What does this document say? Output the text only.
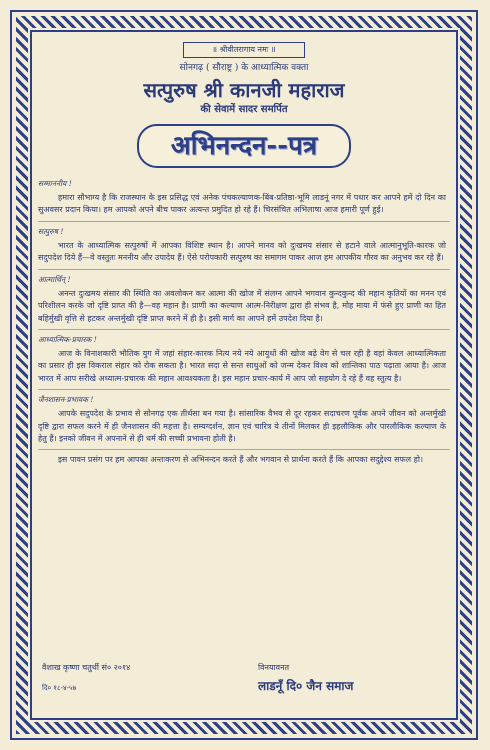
॥ श्रीवीतरागाय नमः ॥
सोनगढ़ ( सौराष्ट्र ) के आध्यात्मिक वक्ता
सत्पुरुष श्री कानजी महाराज
की सेवामें सादर समर्पित
अभिनन्दन--पत्र
सम्माननीय !
हमारा सौभाग्य है कि राजस्थान के इस प्रसिद्ध एवं अनेक पंचकल्याणक-बिंब-प्रतिष्ठा-भूमि लाडनूं नगर में पधार कर आपने हमें दो दिन का सुअवसर प्रदान किया। हम आपको अपने बीच पाकर अत्यन्त प्रमुदित हो रहे हैं। चिरसंचित अभिलाषा आज हमारी पूर्ण हुई।
सत्पुरुष !
भारत के आध्यात्मिक सत्पुरुषों में आपका विशिष्ट स्थान है। आपने मानव को दुःखमय संसार से हटाने वाले आत्मानुभूति-कारक जो सदुपदेश दिये हैं—वे वस्तुतः मननीय और उपादेय हैं। ऐसे परोपकारी सत्पुरुष का समागम पाकर आज हम आपकीय गौरव का अनुभव कर रहे हैं।
आत्मार्थिन् !
अनन्त दुःखमय संसार की स्थिति का अवलोकन कर आत्मा की खोज में संलग्न आपने भगवान कुन्दकुन्द की महान कृतियों का मनन एवं परिशीलन करके जो दृष्टि प्राप्त की है—वह महान है। प्राणी का कल्याण आत्म-निरीक्षण द्वारा ही संभव है, मोह माया में फंसे हुए प्राणी का हित बहिर्मुखी वृत्ति से हटकर अन्तर्मुखी दृष्टि प्राप्त करने में ही है। इसी मार्ग का आपने हमें उपदेश दिया है।
आध्यात्मिक-प्रचारक !
आज के विनाशकारी भौतिक युग में जहां संहार-कारक नित्य नये नये आयुधों की खोज बढ़े वेग से चल रही है वहां केवल आध्यात्मिकता का प्रसार ही इस विकराल संहार को रोक सकता है। भारत सदा से सन्त साधुओं को जन्म देकर विश्व को शान्तिका पाठ पढ़ाता आया है। आज भारत में आप सरीखे अध्यात्म-प्रचारक की महान आवश्यकता है। इस महान प्रचार-कार्य में आप जो सहयोग दे रहे हैं वह स्तुत्य है।
जैनशासन-प्रभावक !
आपके सदुपदेश के प्रभाव से सोनगढ़ एक तीर्थसा बन गया है। सांसारिक वैभव से दूर रहकर सदाचरण पूर्वक अपने जीवन को अन्तर्मुखी दृष्टि द्वारा सफल करने में ही जैनशासन की महत्ता है। सम्यग्दर्शन, ज्ञान एवं चारित्र ये तीनों मिलकर ही इहलौकिक और पारलौकिक कल्याण के हेतु हैं। इनको जीवन में अपनाने से ही धर्म की सच्ची प्रभावना होती है।
इस पावन प्रसंग पर हम आपका अन्तःकरण से अभिनन्दन करते हैं और भगवान से प्रार्थना करते हैं कि आपका सदुद्देश्य सफल हो।
वैशाख कृष्णा चतुर्थी सं० २०१४
दि० १८-४-५७
विनयावनत
लाडनूँ दि० जैन समाज
